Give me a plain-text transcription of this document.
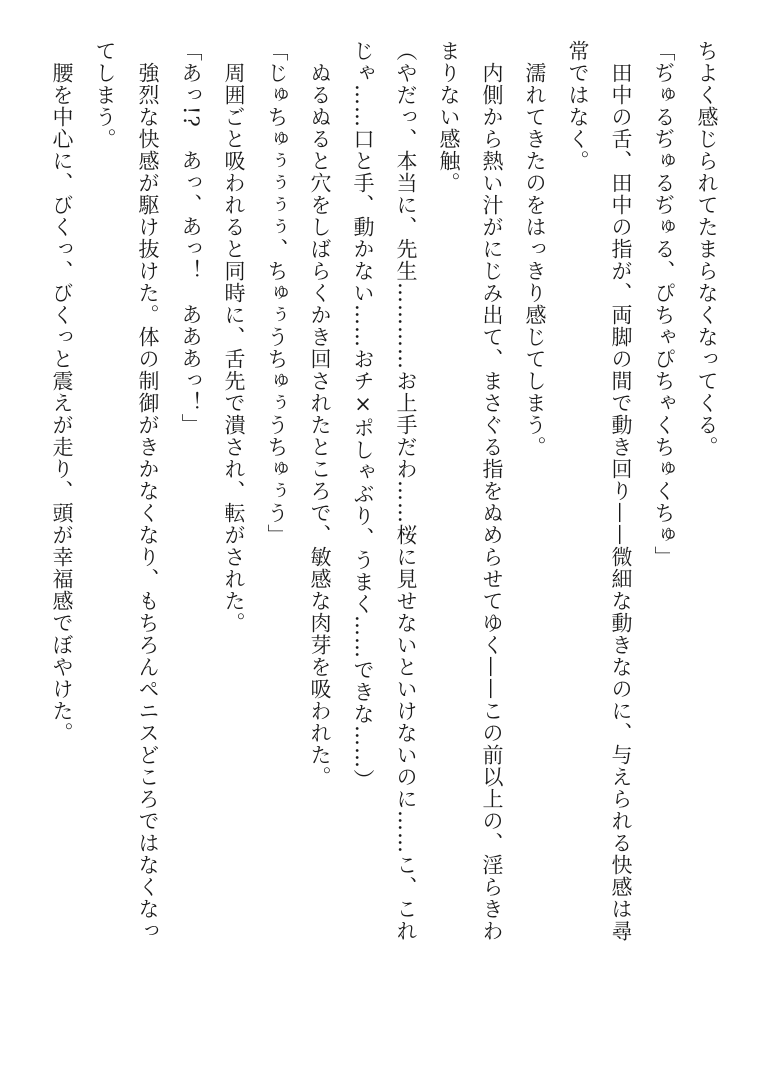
ちよく感じられてたまらなくなってくる。
「ぢゅるぢゅるぢゅる、ぴちゃぴちゃくちゅくちゅ」
　田中の舌、田中の指が、両脚の間で動き回り——微細な動きなのに、与えられる快感は尋
常ではなく。
　濡れてきたのをはっきり感じてしまう。
　内側から熱い汁がにじみ出て、まさぐる指をぬめらせてゆく——この前以上の、淫らきわ
まりない感触。
（やだっ、本当に、先生…………お上手だわ……桜に見せないといけないのに……こ、これ
じゃ……口と手、動かない……おチ×ポしゃぶり、うまく……できな……）
　ぬるぬると穴をしばらくかき回されたところで、敏感な肉芽を吸われた。
「じゅちゅぅぅぅぅ、ちゅぅうちゅぅうちゅぅう」
　周囲ごと吸われると同時に、舌先で潰され、転がされた。
「あっ!?　あっ、あっ！　あああっ！」
　強烈な快感が駆け抜けた。体の制御がきかなくなり、もちろんペニスどころではなくなっ
てしまう。
　腰を中心に、びくっ、びくっと震えが走り、頭が幸福感でぼやけた。
